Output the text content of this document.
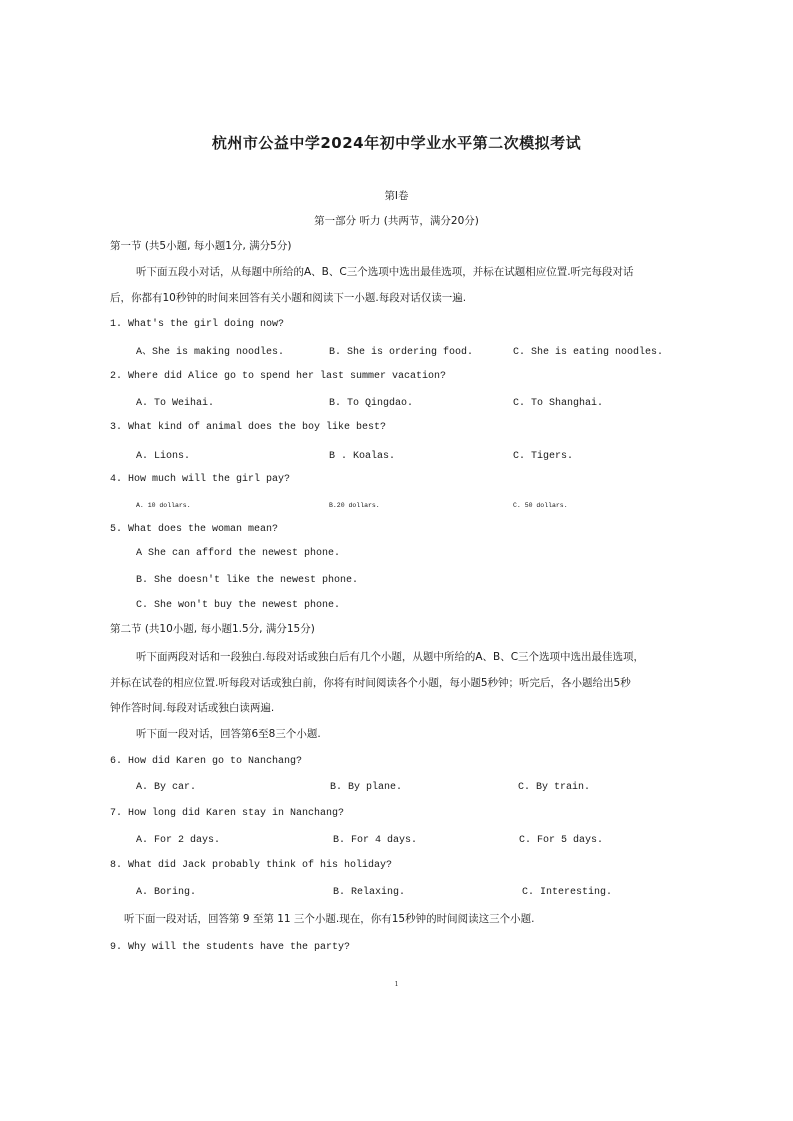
杭州市公益中学2024年初中学业水平第二次模拟考试
第Ⅰ卷
第一部分 听力 (共两节，满分20分)
第一节 (共5小题, 每小题1分, 满分5分)
听下面五段小对话，从每题中所给的A、B、C三个选项中选出最佳选项，并标在试题相应位置.听完每段对话
后，你都有10秒钟的时间来回答有关小题和阅读下一小题.每段对话仅读一遍.
1. What's the girl doing now?
A、She is making noodles.	B. She is ordering food.	C. She is eating noodles.
2. Where did Alice go to spend her last summer vacation?
A. To Weihai.	B. To Qingdao.	C. To Shanghai.
3. What kind of animal does the boy like best?
A. Lions.	B . Koalas.	C. Tigers.
4. How much will the girl pay?
A. 10 dollars.	B.20 dollars.	C. 50 dollars.
5. What does the woman mean?
A She can afford the newest phone.
B. She doesn't like the newest phone.
C. She won't buy the newest phone.
第二节 (共10小题, 每小题1.5分, 满分15分)
听下面两段对话和一段独白.每段对话或独白后有几个小题，从题中所给的A、B、C三个选项中选出最佳选项，
并标在试卷的相应位置.听每段对话或独白前，你将有时间阅读各个小题，每小题5秒钟；听完后，各小题给出5秒
钟作答时间.每段对话或独白读两遍.
听下面一段对话，回答第6至8三个小题.
6. How did Karen go to Nanchang?
A. By car.	B. By plane.	C. By train.
7. How long did Karen stay in Nanchang?
A. For 2 days.	B. For 4 days.	C. For 5 days.
8. What did Jack probably think of his holiday?
A. Boring.	B. Relaxing.	C. Interesting.
听下面一段对话，回答第 9 至第 11 三个小题.现在，你有15秒钟的时间阅读这三个小题.
9. Why will the students have the party?
1
